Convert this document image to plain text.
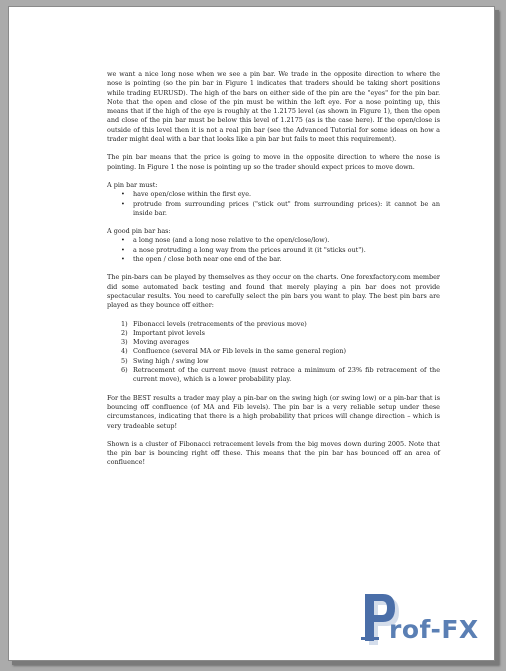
we want a nice long nose when we see a pin bar. We trade in the opposite direction to where the nose is pointing (so the pin bar in Figure 1 indicates that traders should be taking short positions while trading EURUSD). The high of the bars on either side of the pin are the "eyes" for the pin bar. Note that the open and close of the pin must be within the left eye. For a nose pointing up, this means that if the high of the eye is roughly at the 1.2175 level (as shown in Figure 1), then the open and close of the pin bar must be below this level of 1.2175 (as is the case here). If the open/close is outside of this level then it is not a real pin bar (see the Advanced Tutorial for some ideas on how a trader might deal with a bar that looks like a pin bar but fails to meet this requirement).

The pin bar means that the price is going to move in the opposite direction to where the nose is pointing. In Figure 1 the nose is pointing up so the trader should expect prices to move down.

A pin bar must:

• have open/close within the first eye.
• protrude from surrounding prices ("stick out" from surrounding prices): it cannot be an inside bar.

A good pin bar has:

• a long nose (and a long nose relative to the open/close/low).
• a nose protruding a long way from the prices around it (it "sticks out").
• the open / close both near one end of the bar.

The pin-bars can be played by themselves as they occur on the charts. One forexfactory.com member did some automated back testing and found that merely playing a pin bar does not provide spectacular results. You need to carefully select the pin bars you want to play. The best pin bars are played as they bounce off either:

1) Fibonacci levels (retracements of the previous move)
2) Important pivot levels
3) Moving averages
4) Confluence (several MA or Fib levels in the same general region)
5) Swing high / swing low
6) Retracement of the current move (must retrace a minimum of 23% fib retracement of the current move), which is a lower probability play.

For the BEST results a trader may play a pin-bar on the swing high (or swing low) or a pin-bar that is bouncing off confluence (of MA and Fib levels). The pin bar is a very reliable setup under these circumstances, indicating that there is a high probability that prices will change direction – which is very tradeable setup!

Shown is a cluster of Fibonacci retracement levels from the big moves down during 2005. Note that the pin bar is bouncing right off these. This means that the pin bar has bounced off an area of confluence!

rof-FX
